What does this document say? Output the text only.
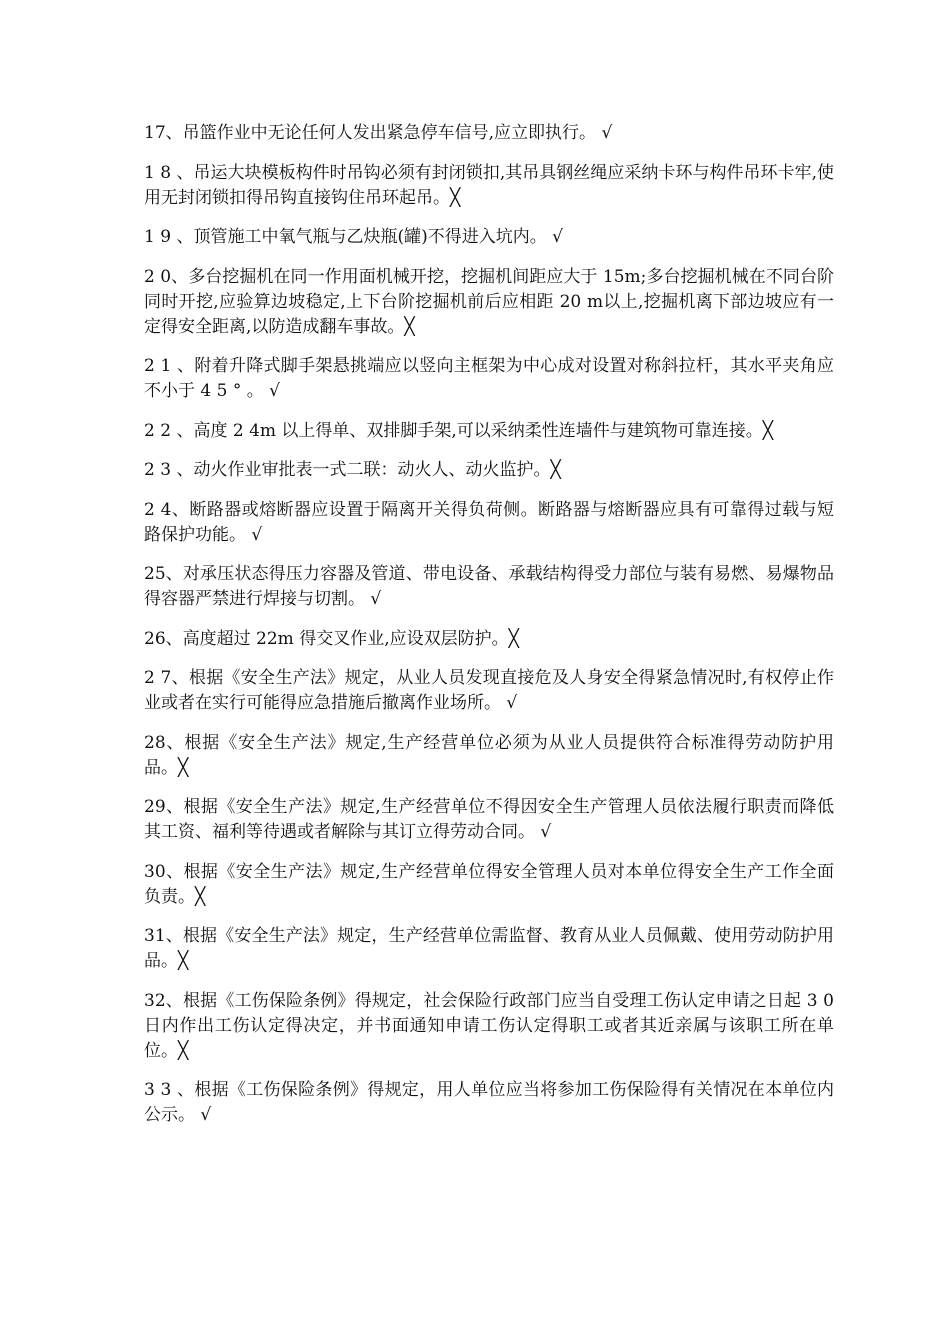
17、吊篮作业中无论任何人发出紧急停车信号,应立即执行。 √

1 8 、吊运大块模板构件时吊钩必须有封闭锁扣,其吊具钢丝绳应采纳卡环与构件吊环卡牢,使用无封闭锁扣得吊钩直接钩住吊环起吊。╳

1 9 、顶管施工中氧气瓶与乙炔瓶(罐)不得进入坑内。 √

2 0、多台挖掘机在同一作用面机械开挖，挖掘机间距应大于 15m;多台挖掘机械在不同台阶同时开挖,应验算边坡稳定,上下台阶挖掘机前后应相距 20 m以上,挖掘机离下部边坡应有一定得安全距离,以防造成翻车事故。╳

2 1 、附着升降式脚手架悬挑端应以竖向主框架为中心成对设置对称斜拉杆，其水平夹角应不小于 4 5 ° 。 √

2 2 、高度 2 4m 以上得单、双排脚手架,可以采纳柔性连墙件与建筑物可靠连接。╳

2 3 、动火作业审批表一式二联：动火人、动火监护。╳

2 4、断路器或熔断器应设置于隔离开关得负荷侧。断路器与熔断器应具有可靠得过载与短路保护功能。 √

25、对承压状态得压力容器及管道、带电设备、承载结构得受力部位与装有易燃、易爆物品得容器严禁进行焊接与切割。 √

26、高度超过 22m 得交叉作业,应设双层防护。╳

2 7、根据《安全生产法》规定，从业人员发现直接危及人身安全得紧急情况时,有权停止作业或者在实行可能得应急措施后撤离作业场所。 √

28、根据《安全生产法》规定,生产经营单位必须为从业人员提供符合标准得劳动防护用品。╳

29、根据《安全生产法》规定,生产经营单位不得因安全生产管理人员依法履行职责而降低其工资、福利等待遇或者解除与其订立得劳动合同。 √

30、根据《安全生产法》规定,生产经营单位得安全管理人员对本单位得安全生产工作全面负责。╳

31、根据《安全生产法》规定，生产经营单位需监督、教育从业人员佩戴、使用劳动防护用品。╳

32、根据《工伤保险条例》得规定，社会保险行政部门应当自受理工伤认定申请之日起 3 0 日内作出工伤认定得决定，并书面通知申请工伤认定得职工或者其近亲属与该职工所在单位。╳

3 3 、根据《工伤保险条例》得规定，用人单位应当将参加工伤保险得有关情况在本单位内公示。 √
